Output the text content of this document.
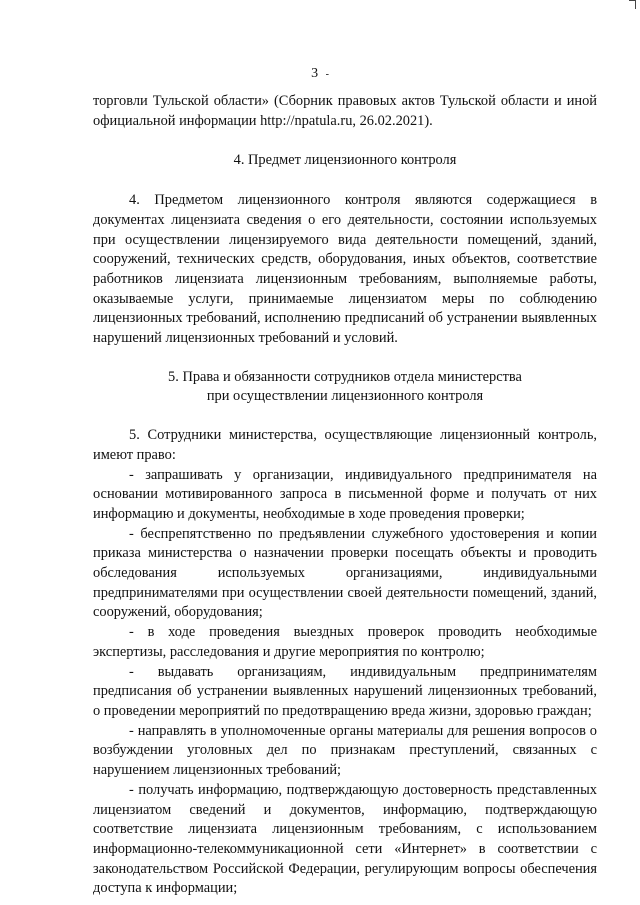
3 -

торговли Тульской области» (Сборник правовых актов Тульской области и иной официальной информации http://npatula.ru, 26.02.2021).

4. Предмет лицензионного контроля

4. Предметом лицензионного контроля являются содержащиеся в документах лицензиата сведения о его деятельности, состоянии используемых при осуществлении лицензируемого вида деятельности помещений, зданий, сооружений, технических средств, оборудования, иных объектов, соответствие работников лицензиата лицензионным требованиям, выполняемые работы, оказываемые услуги, принимаемые лицензиатом меры по соблюдению лицензионных требований, исполнению предписаний об устранении выявленных нарушений лицензионных требований и условий.

5. Права и обязанности сотрудников отдела министерства

при осуществлении лицензионного контроля

5. Сотрудники министерства, осуществляющие лицензионный контроль, имеют право:

- запрашивать у организации, индивидуального предпринимателя на основании мотивированного запроса в письменной форме и получать от них информацию и документы, необходимые в ходе проведения проверки;

- беспрепятственно по предъявлении служебного удостоверения и копии приказа министерства о назначении проверки посещать объекты и проводить обследования используемых организациями, индивидуальными предпринимателями при осуществлении своей деятельности помещений, зданий, сооружений, оборудования;

- в ходе проведения выездных проверок проводить необходимые экспертизы, расследования и другие мероприятия по контролю;

- выдавать организациям, индивидуальным предпринимателям предписания об устранении выявленных нарушений лицензионных требований, о проведении мероприятий по предотвращению вреда жизни, здоровью граждан;

- направлять в уполномоченные органы материалы для решения вопросов о возбуждении уголовных дел по признакам преступлений, связанных с нарушением лицензионных требований;

- получать информацию, подтверждающую достоверность представленных лицензиатом сведений и документов, информацию, подтверждающую соответствие лицензиата лицензионным требованиям, с использованием информационно-телекоммуникационной сети «Интернет» в соответствии с законодательством Российской Федерации, регулирующим вопросы обеспечения доступа к информации;
